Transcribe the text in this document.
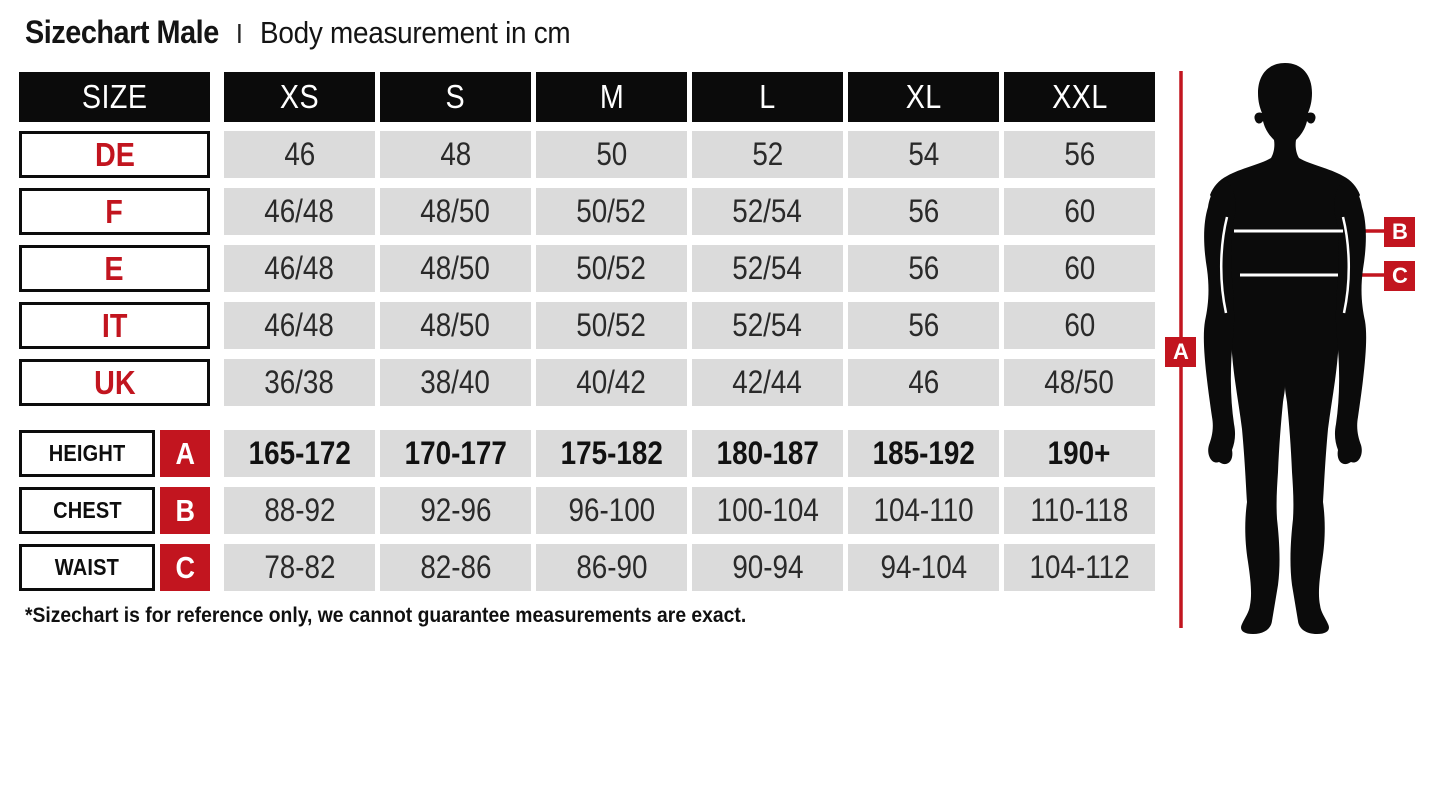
Sizechart Male I Body measurement in cm
SIZE	XS	S	M	L	XL	XXL
DE	46	48	50	52	54	56
F	46/48	48/50	50/52	52/54	56	60
E	46/48	48/50	50/52	52/54	56	60
IT	46/48	48/50	50/52	52/54	56	60
UK	36/38	38/40	40/42	42/44	46	48/50
HEIGHT A 165-172 170-177 175-182 180-187 185-192 190+
CHEST B 88-92	92-96 96-100 100-104 104-110 110-118
WAIST C 78-82	82-86	86-90	90-94 94-104 104-112
*Sizechart is for reference only, we cannot guarantee measurements are exact.
A
B
C
